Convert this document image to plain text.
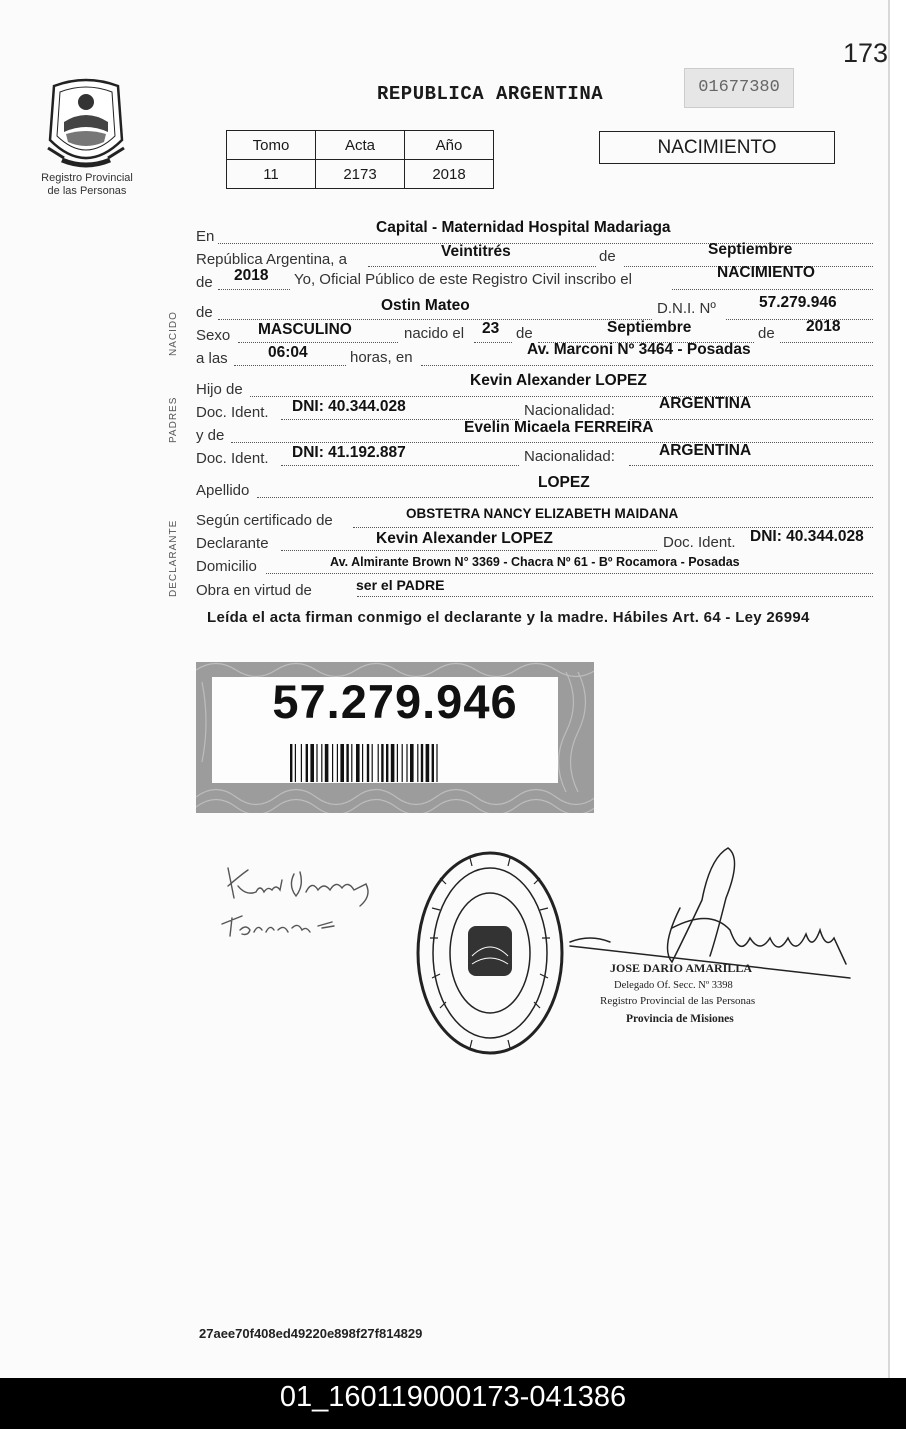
173
Registro Provincial
de las Personas
REPUBLICA ARGENTINA	01677380
Tomo	Acta	Año
11	2173	2018
NACIMIENTO
NACIDO
PADRES
DECLARANTE
En
Capital - Maternidad Hospital Madariaga
República Argentina, a	Veintitrés	de	Septiembre
de 2018 Yo, Oficial Público de este Registro Civil inscribo el	NACIMIENTO
de	Ostin Mateo	D.N.I. Nº	57.279.946
Sexo MASCULINO	nacido el 23 de	Septiembre	de 2018
a las	06:04	horas, en	Av. Marconi Nº 3464 - Posadas
Hijo de
Kevin Alexander LOPEZ
Doc. Ident. DNI: 40.344.028	Nacionalidad:	ARGENTINA
y de	Evelin Micaela FERREIRA
Doc. Ident. DNI: 41.192.887	Nacionalidad:	ARGENTINA
Apellido	LOPEZ
Según certificado de	OBSTETRA NANCY ELIZABETH MAIDANA
Declarante	Kevin Alexander LOPEZ	Doc. Ident. DNI: 40.344.028
Domicilio	Av. Almirante Brown N° 3369 - Chacra Nº 61 - Bº Rocamora - Posadas
Obra en virtud de	ser el PADRE
Leída el acta firman conmigo el declarante y la madre. Hábiles Art. 64 - Ley 26994
57.279.946
JOSE DARIO AMARILLA
Delegado Of. Secc. Nº 3398
Registro Provincial de las Personas
Provincia de Misiones
27aee70f408ed49220e898f27f814829
01_160119000173-041386
